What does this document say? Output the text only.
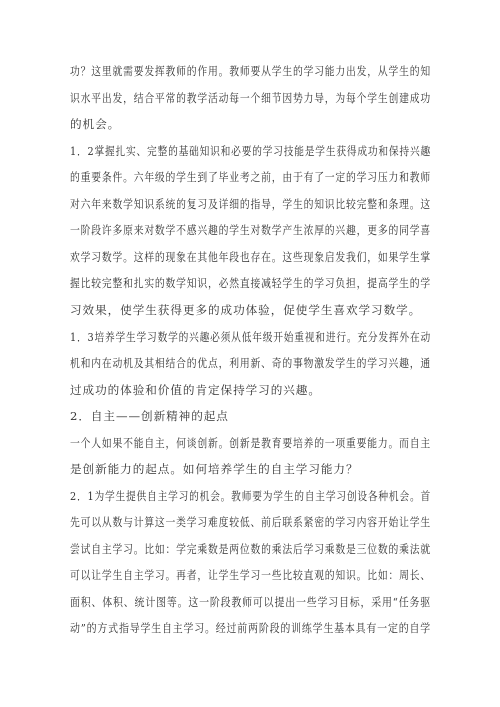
功？这里就需要发挥教师的作用。教师要从学生的学习能力出发，从学生的知
识水平出发，结合平常的教学活动每一个细节因势力导，为每个学生创建成功
的机会。
1．2掌握扎实、完整的基础知识和必要的学习技能是学生获得成功和保持兴趣
的重要条件。六年级的学生到了毕业考之前，由于有了一定的学习压力和教师
对六年来数学知识系统的复习及详细的指导，学生的知识比较完整和条理。这
一阶段许多原来对数学不感兴趣的学生对数学产生浓厚的兴趣，更多的同学喜
欢学习数学。这样的现象在其他年段也存在。这些现象启发我们，如果学生掌
握比较完整和扎实的数学知识，必然直接减轻学生的学习负担，提高学生的学
习效果，使学生获得更多的成功体验，促使学生喜欢学习数学。
1．3培养学生学习数学的兴趣必须从低年级开始重视和进行。充分发挥外在动
机和内在动机及其相结合的优点，利用新、奇的事物激发学生的学习兴趣，通
过成功的体验和价值的肯定保持学习的兴趣。
2．自主——创新精神的起点
一个人如果不能自主，何谈创新。创新是教育要培养的一项重要能力。而自主
是创新能力的起点。如何培养学生的自主学习能力？
2．1为学生提供自主学习的机会。教师要为学生的自主学习创设各种机会。首
先可以从数与计算这一类学习难度较低、前后联系紧密的学习内容开始让学生
尝试自主学习。比如：学完乘数是两位数的乘法后学习乘数是三位数的乘法就
可以让学生自主学习。再者，让学生学习一些比较直观的知识。比如：周长、
面积、体积、统计图等。这一阶段教师可以提出一些学习目标，采用“任务驱
动”的方式指导学生自主学习。经过前两阶段的训练学生基本具有一定的自学
